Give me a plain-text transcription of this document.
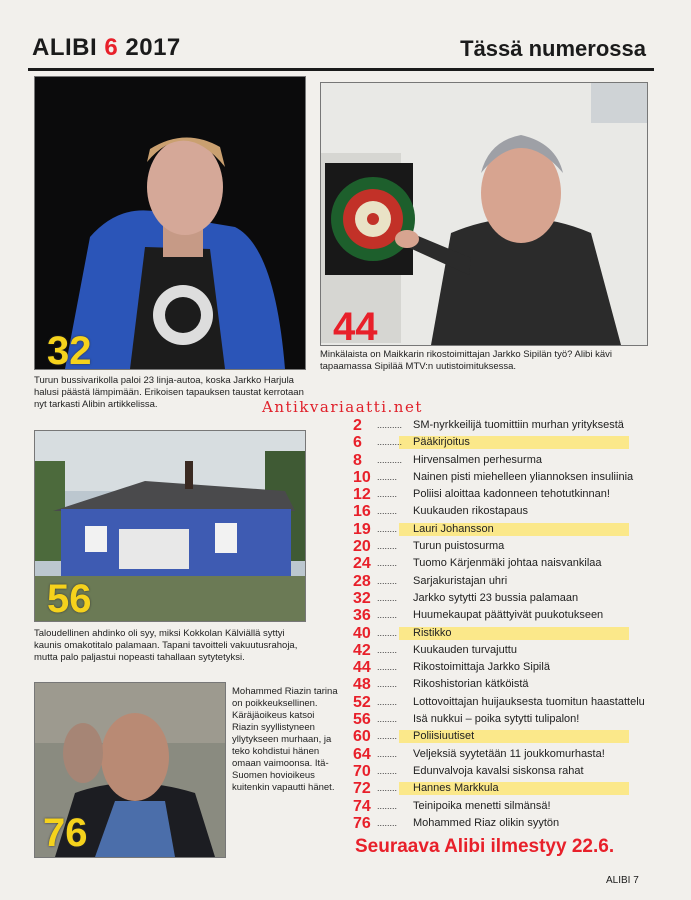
ALIBI 6 2017	Tässä numerossa
32
Turun bussivarikolla paloi 23 linja-autoa, koska Jarkko Harjula halusi päästä lämpimään. Erikoisen tapauksen taustat kerrotaan nyt tarkasti Alibin artikkelissa.
44
Minkälaista on Maikkarin rikostoimittajan Jarkko Sipilän työ? Alibi kävi tapaamassa Sipilää MTV:n uutistoimituksessa.
56
Taloudellinen ahdinko oli syy, miksi Kokkolan Kälviällä syttyi kaunis omakotitalo palamaan. Tapani tavoitteli vakuutusrahoja, mutta palo paljastui nopeasti tahallaan sytytetyksi.
76
Mohammed Riazin tarina on poikkeuksellinen. Käräjäoikeus katsoi Riazin syyllistyneen yllytykseen murhaan, ja teko kohdistui hänen omaan vaimoonsa. Itä-Suomen hovioikeus kuitenkin vapautti hänet.
Antikvariaatti.net
2	.......... SM-nyrkkeilijä tuomittiin murhan yrityksestä
6	.......... Pääkirjoitus
8	.......... Hirvensalmen perhesurma
10 ........	Nainen pisti miehelleen yliannoksen insuliinia
12 ........	Poliisi aloittaa kadonneen tehotutkinnan!
16 ........	Kuukauden rikostapaus
19 ........	Lauri Johansson
20 ........	Turun puistosurma
24 ........	Tuomo Kärjenmäki johtaa naisvankilaa
28 ........	Sarjakuristajan uhri
32 ........	Jarkko sytytti 23 bussia palamaan
36 ........	Huumekaupat päättyivät puukotukseen
40 ........	Ristikko
42 ........	Kuukauden turvajuttu
44 ........	Rikostoimittaja Jarkko Sipilä
48 ........	Rikoshistorian kätköistä
52 ........	Lottovoittajan huijauksesta tuomitun haastattelu
56 ........	Isä nukkui – poika sytytti tulipalon!
60 ........	Poliisiuutiset
64 ........	Veljeksiä syytetään 11 joukkomurhasta!
70 ........	Edunvalvoja kavalsi siskonsa rahat
72 ........	Hannes Markkula
74 ........	Teinipoika menetti silmänsä!
76 ........	Mohammed Riaz olikin syytön
Seuraava Alibi ilmestyy 22.6.
ALIBI 7
